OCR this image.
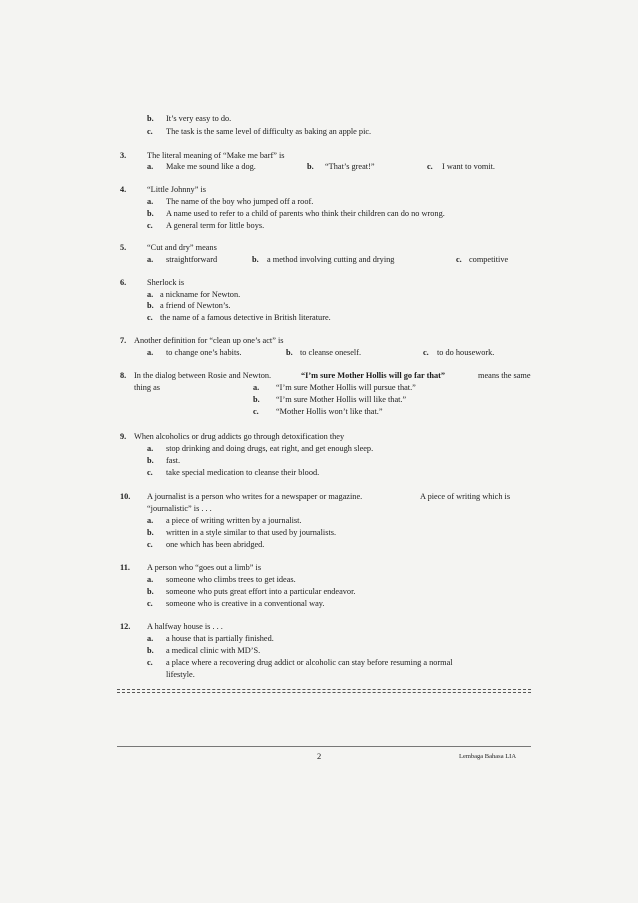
b. It’s very easy to do.
c. The task is the same level of difficulty as baking an apple pic.
3.	The literal meaning of “Make me barf” is
a. Make me sound like a dog.	b. “That’s great!”	c. I want to vomit.
4.	“Little Johnny” is
a. The name of the boy who jumped off a roof.
b. A name used to refer to a child of parents who think their children can do no wrong.
c. A general term for little boys.
5.	“Cut and dry” means
a. straightforward	b. a method involving cutting and drying	c. competitive
6.	Sherlock is
a. a nickname for Newton.
b. a friend of Newton’s.
c. the name of a famous detective in British literature.
7. Another definition for “clean up one’s act” is
a. to change one’s habits.	b. to cleanse oneself.	c. to do housework.
8. In the dialog between Rosie and Newton.	“I’m sure Mother Hollis will go far that”	means the same
thing as	a. “I’m sure Mother Hollis will pursue that.”
b. “I’m sure Mother Hollis will like that.”
c. “Mother Hollis won’t like that.”
9. When alcoholics or drug addicts go through detoxification they
a. stop drinking and doing drugs, eat right, and get enough sleep.
b. fast.
c. take special medication to cleanse their blood.
10. A journalist is a person who writes for a newspaper or magazine.	A piece of writing which is
“journalistic” is . . .
a. a piece of writing written by a journalist.
b. written in a style similar to that used by journalists.
c. one which has been abridged.
11. A person who “goes out a limb” is
a. someone who climbs trees to get ideas.
b. someone who puts great effort into a particular endeavor.
c. someone who is creative in a conventional way.
12. A halfway house is . . .
a. a house that is partially finished.
b. a medical clinic with MD’S.
c. a place where a recovering drug addict or alcoholic can stay before resuming a normal
lifestyle.
2	Lembaga Bahasa LIA
